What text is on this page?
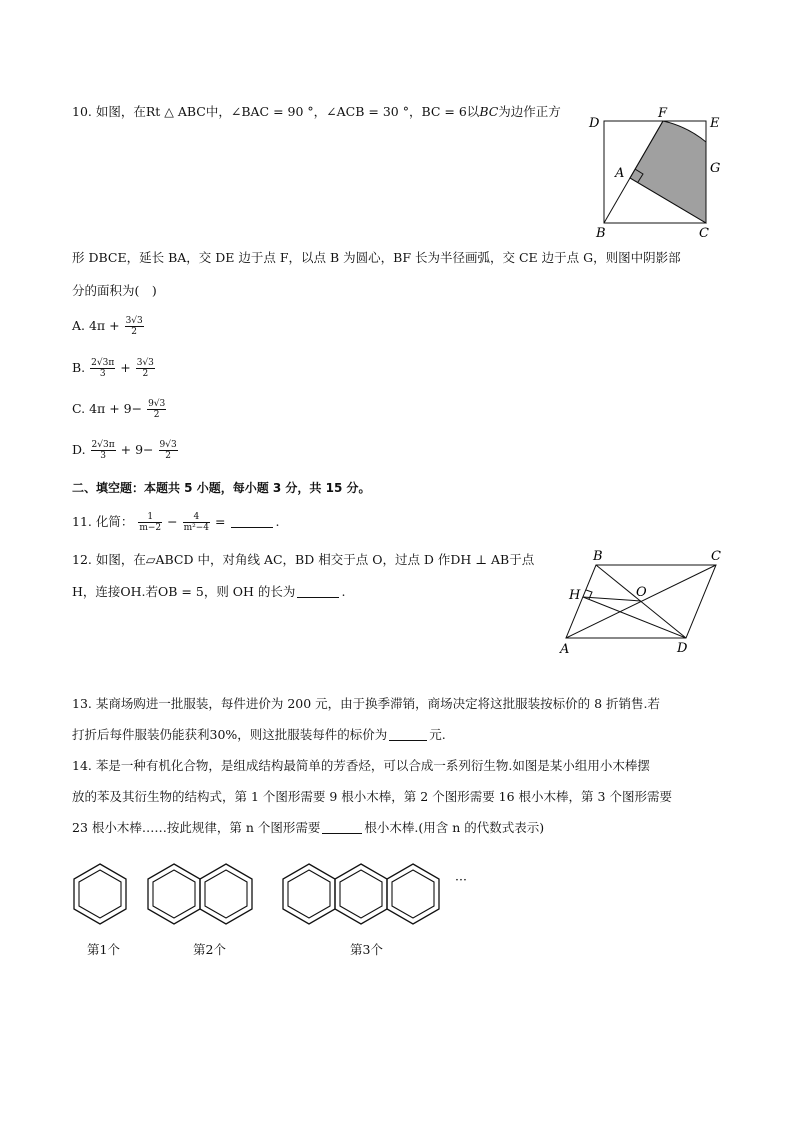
10. 如图，在Rt △ ABC中，∠BAC = 90 °，∠ACB = 30 °，BC = 6以BC为边作正方
D
F
E
G
A
B	C
形 DBCE，延长 BA，交 DE 边于点 F，以点 B 为圆心，BF 长为半径画弧，交 CE 边于点 G，则图中阴影部
分的面积为(　)
A. $4\pi + \frac{3√3}{2}$
B. $\frac{2√3\pi}{3} + \frac{3√3}{2}$
C. $4\pi + 9- \frac{9√3}{2}$
D. $\frac{2√3\pi}{3} + 9- \frac{9√3}{2}$
二、填空题：本题共 5 小题，每小题 3 分，共 15 分。
11. 化简： $\frac{1}{m-2} - \frac{4}{\text{m²−4}}$ =	.
12. 如图，在▱ABCD 中，对角线 AC，BD 相交于点 O，过点 D 作DH ⊥ AB于点
H，连接OH.若OB = 5，则 OH 的长为	.
B	C
H	O
A	D
13. 某商场购进一批服装，每件进价为 200 元，由于换季滞销，商场决定将这批服装按标价的 8 折销售.若
打折后每件服装仍能获利30%，则这批服装每件的标价为	元.
14. 苯是一种有机化合物，是组成结构最简单的芳香烃，可以合成一系列衍生物.如图是某小组用小木棒摆
放的苯及其衍生物的结构式，第 1 个图形需要 9 根小木棒，第 2 个图形需要 16 根小木棒，第 3 个图形需要
23 根小木棒……按此规律，第 n 个图形需要	根小木棒.(用含 n 的代数式表示)
···
第1个	第2个	第3个
